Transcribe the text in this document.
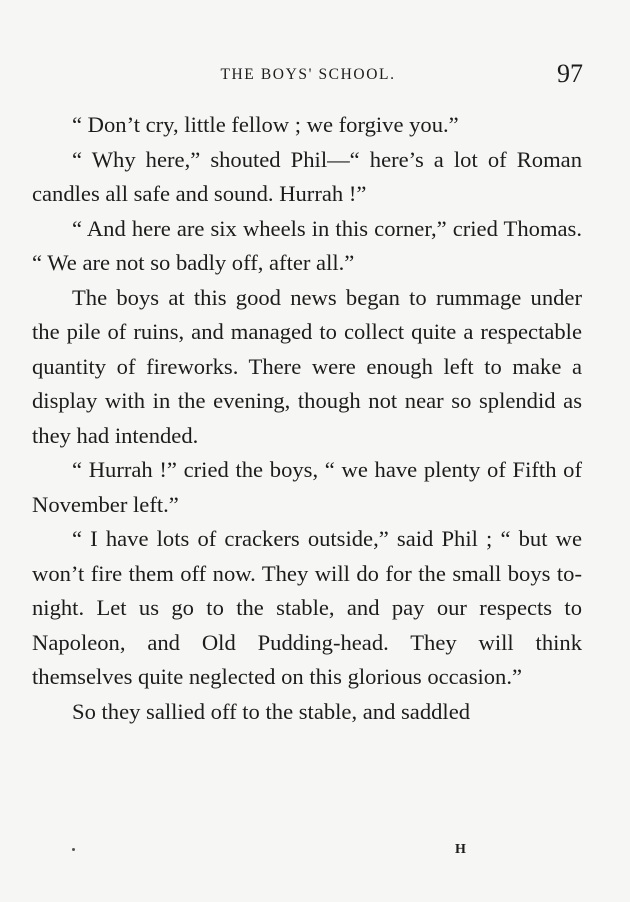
THE BOYS' SCHOOL.	97

“ Don’t cry, little fellow ; we forgive you.”

“ Why here,” shouted Phil—“ here’s a lot of Roman candles all safe and sound. Hurrah !”

“ And here are six wheels in this corner,” cried Thomas. “ We are not so badly off, after all.”

The boys at this good news began to rummage under the pile of ruins, and managed to collect quite a respectable quantity of fireworks. There were enough left to make a display with in the evening, though not near so splendid as they had intended.

“ Hurrah !” cried the boys, “ we have plenty of Fifth of November left.”

“ I have lots of crackers outside,” said Phil ; “ but we won’t fire them off now. They will do for the small boys to-night. Let us go to the stable, and pay our respects to Napoleon, and Old Pudding-head. They will think themselves quite neglected on this glorious occasion.”

So they sallied off to the stable, and saddled

H
